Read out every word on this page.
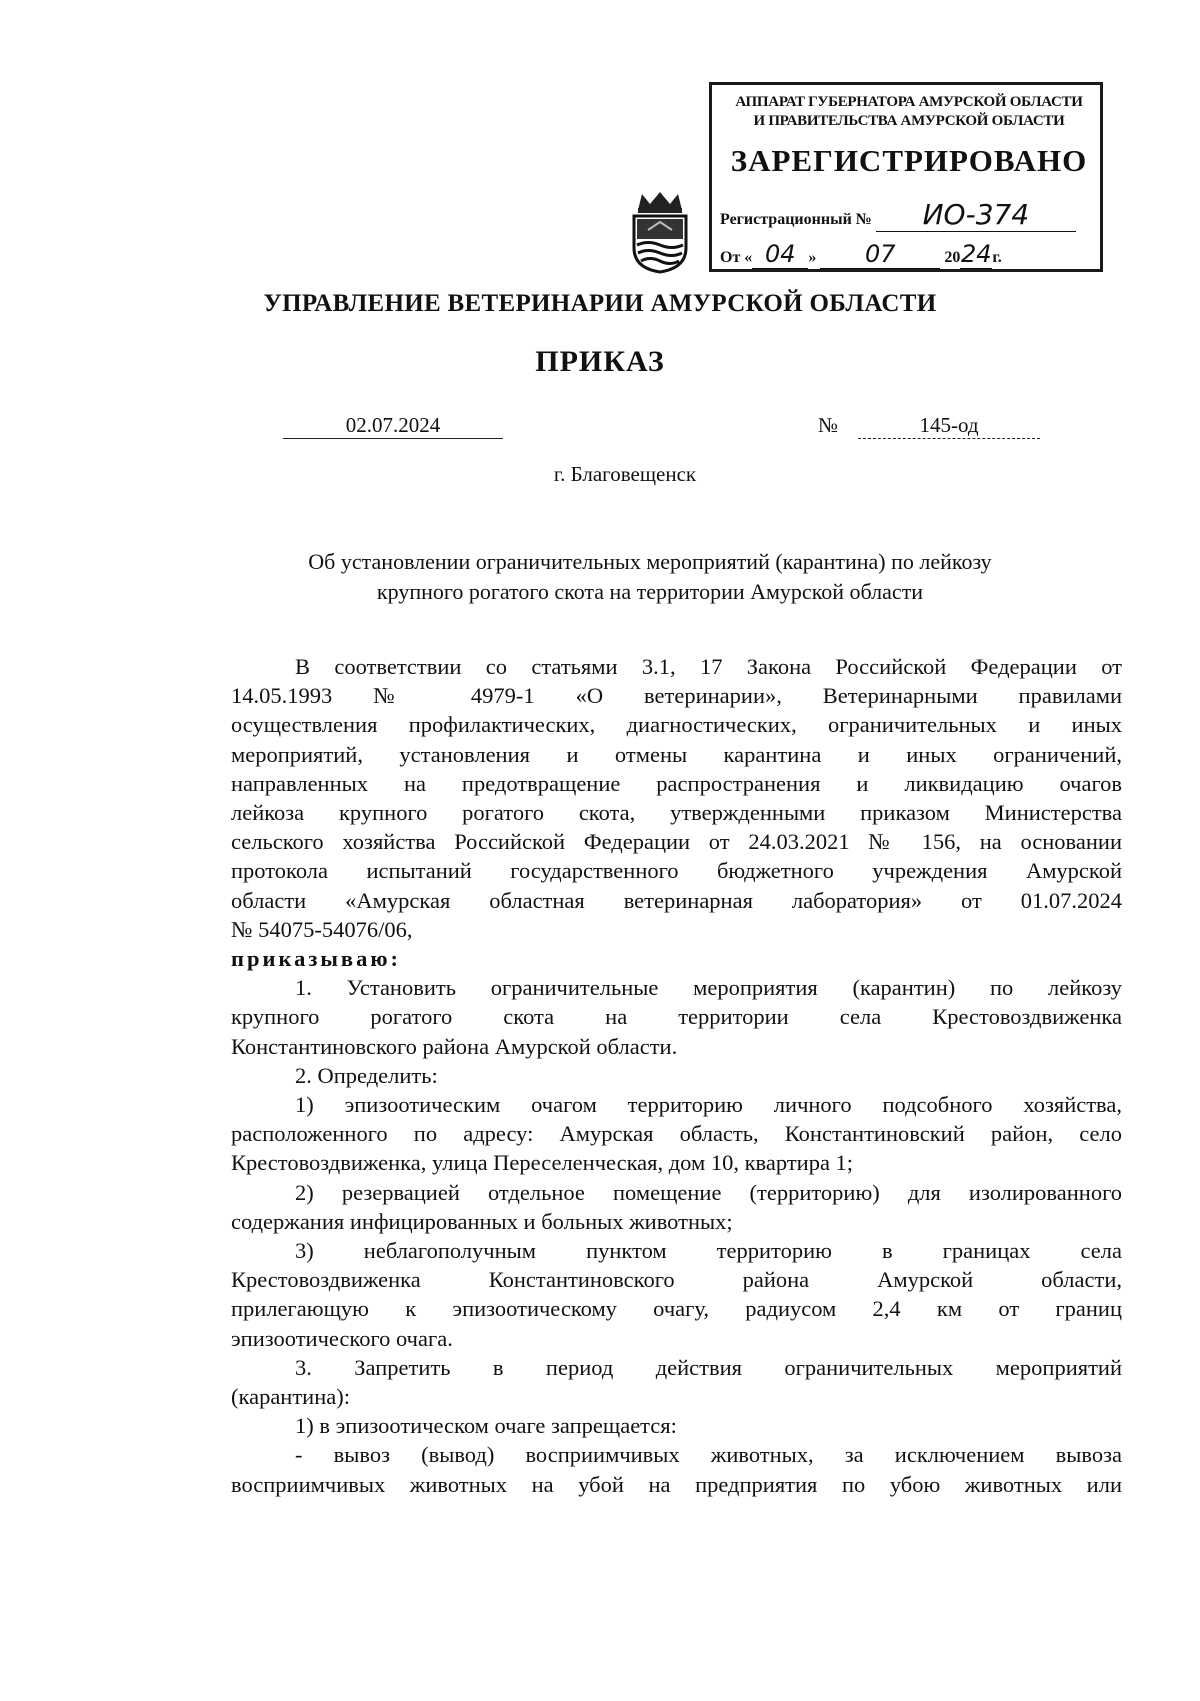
АППАРАТ ГУБЕРНАТОРА АМУРСКОЙ ОБЛАСТИ
И ПРАВИТЕЛЬСТВА АМУРСКОЙ ОБЛАСТИ
ЗАРЕГИСТРИРОВАНО
Регистрационный № ИО-374
От « 04 » 07	2024г.
УПРАВЛЕНИЕ ВЕТЕРИНАРИИ АМУРСКОЙ ОБЛАСТИ
ПРИКАЗ
02.07.2024	№	145-од
г. Благовещенск
Об установлении ограничительных мероприятий (карантина) по лейкозу
крупного рогатого скота на территории Амурской области

В соответствии со статьями 3.1, 17 Закона Российской Федерации от

14.05.1993 № 4979-1 «О ветеринарии», Ветеринарными правилами

осуществления профилактических, диагностических, ограничительных и иных

мероприятий, установления и отмены карантина и иных ограничений,

направленных на предотвращение распространения и ликвидацию очагов

лейкоза крупного рогатого скота, утвержденными приказом Министерства

сельского хозяйства Российской Федерации от 24.03.2021 № 156, на основании

протокола испытаний государственного бюджетного учреждения Амурской

области «Амурская областная ветеринарная лаборатория» от 01.07.2024

№ 54075-54076/06,

приказываю:

1. Установить ограничительные мероприятия (карантин) по лейкозу

крупного рогатого скота на территории села Крестовоздвиженка

Константиновского района Амурской области.

2. Определить:

1) эпизоотическим очагом территорию личного подсобного хозяйства,

расположенного по адресу: Амурская область, Константиновский район, село

Крестовоздвиженка, улица Переселенческая, дом 10, квартира 1;

2) резервацией отдельное помещение (территорию) для изолированного

содержания инфицированных и больных животных;

3) неблагополучным пунктом территорию в границах села

Крестовоздвиженка Константиновского района Амурской области,

прилегающую к эпизоотическому очагу, радиусом 2,4 км от границ

эпизоотического очага.

3. Запретить в период действия ограничительных мероприятий

(карантина):

1) в эпизоотическом очаге запрещается:

- вывоз (вывод) восприимчивых животных, за исключением вывоза

восприимчивых животных на убой на предприятия по убою животных или
